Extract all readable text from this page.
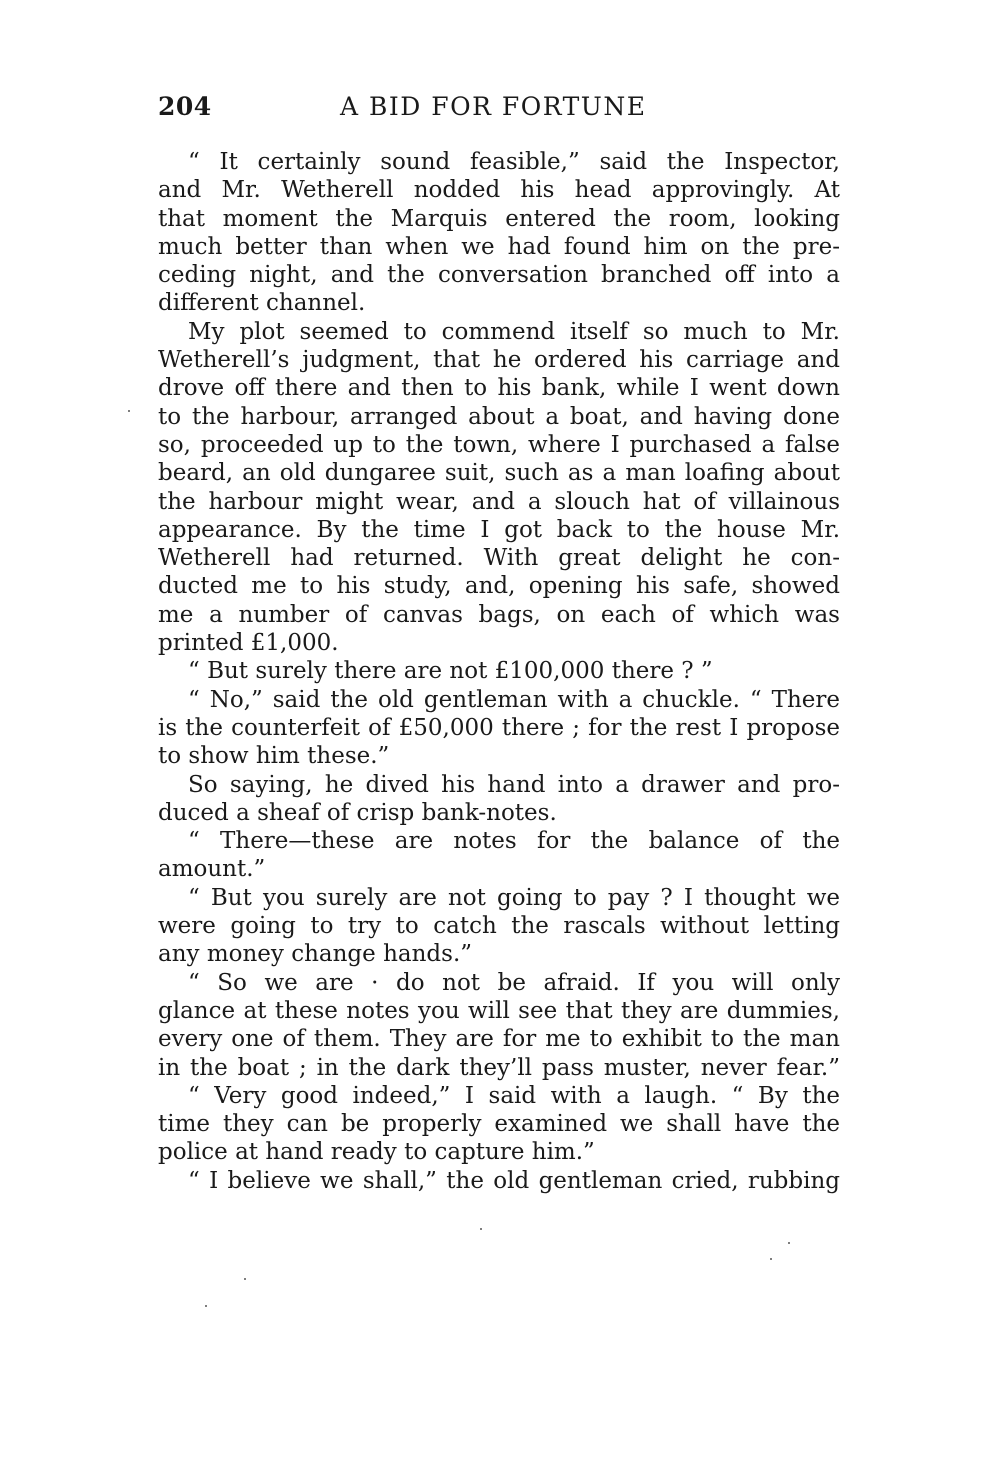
204	A BID FOR FORTUNE
“ It certainly sound feasible,” said the Inspector,
and Mr. Wetherell nodded his head approvingly. At
that moment the Marquis entered the room, looking
much better than when we had found him on the pre-
ceding night, and the conversation branched off into a
different channel.
My plot seemed to commend itself so much to Mr.
Wetherell’s judgment, that he ordered his carriage and
drove off there and then to his bank, while I went down
to the harbour, arranged about a boat, and having done
so, proceeded up to the town, where I purchased a false
beard, an old dungaree suit, such as a man loafing about
the harbour might wear, and a slouch hat of villainous
appearance. By the time I got back to the house Mr.
Wetherell had returned. With great delight he con-
ducted me to his study, and, opening his safe, showed
me a number of canvas bags, on each of which was
printed £1,000.
“ But surely there are not £100,000 there ? ”
“ No,” said the old gentleman with a chuckle. “ There
is the counterfeit of £50,000 there ; for the rest I propose
to show him these.”
So saying, he dived his hand into a drawer and pro-
duced a sheaf of crisp bank-notes.
“ There—these are notes for the balance of the
amount.”
“ But you surely are not going to pay ? I thought we
were going to try to catch the rascals without letting
any money change hands.”
“ So we are · do not be afraid. If you will only
glance at these notes you will see that they are dummies,
every one of them. They are for me to exhibit to the man
in the boat ; in the dark they’ll pass muster, never fear.”
“ Very good indeed,” I said with a laugh. “ By the
time they can be properly examined we shall have the
police at hand ready to capture him.”
“ I believe we shall,” the old gentleman cried, rubbing
